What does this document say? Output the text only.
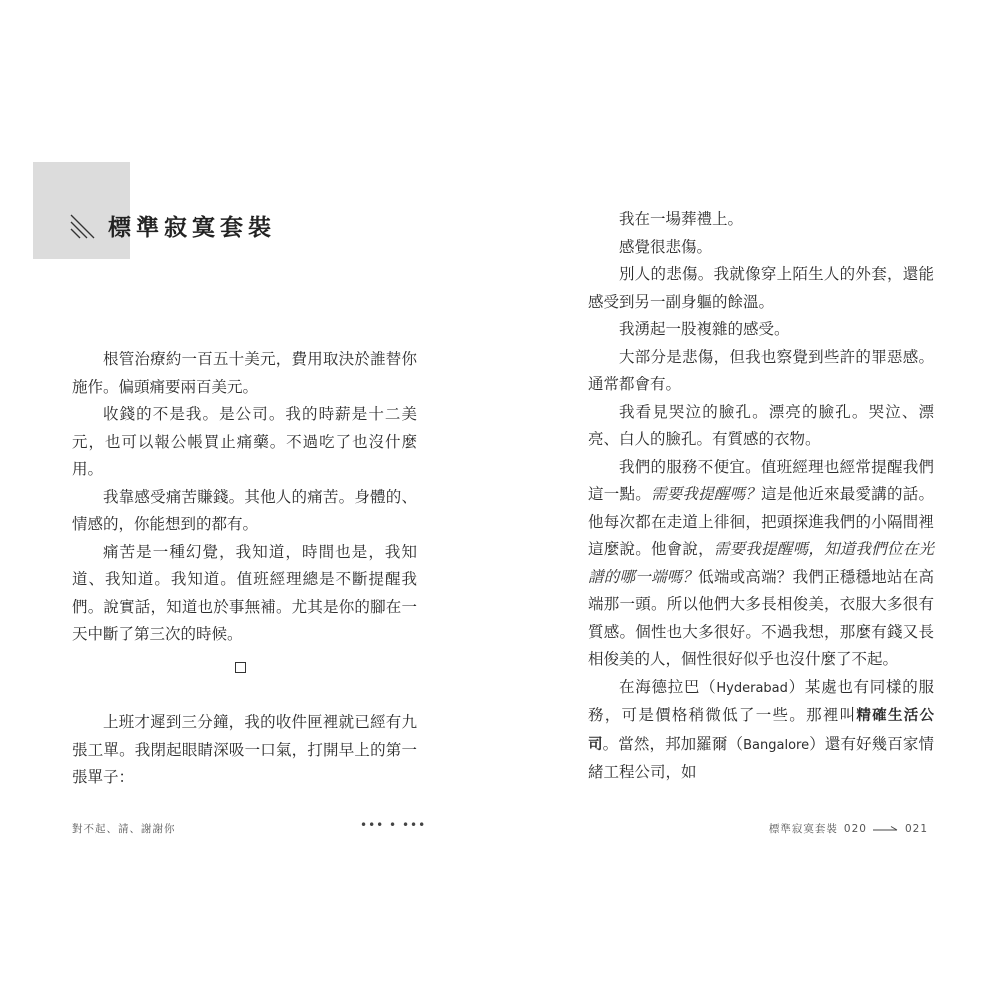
標準寂寞套裝

根管治療約一百五十美元，費用取決於誰替你施作。偏頭痛要兩百美元。

收錢的不是我。是公司。我的時薪是十二美元，也可以報公帳買止痛藥。不過吃了也沒什麼用。

我靠感受痛苦賺錢。其他人的痛苦。身體的、情感的，你能想到的都有。

痛苦是一種幻覺，我知道，時間也是，我知道、我知道。我知道。值班經理總是不斷提醒我們。說實話，知道也於事無補。尤其是你的腳在一天中斷了第三次的時候。

上班才遲到三分鐘，我的收件匣裡就已經有九張工單。我閉起眼睛深吸一口氣，打開早上的第一張單子：

對不起、請、謝謝你	••• • •••

我在一場葬禮上。

感覺很悲傷。

別人的悲傷。我就像穿上陌生人的外套，還能感受到另一副身軀的餘溫。

我湧起一股複雜的感受。

大部分是悲傷，但我也察覺到些許的罪惡感。通常都會有。

我看見哭泣的臉孔。漂亮的臉孔。哭泣、漂亮、白人的臉孔。有質感的衣物。

我們的服務不便宜。值班經理也經常提醒我們這一點。需要我提醒嗎？這是他近來最愛講的話。他每次都在走道上徘徊，把頭探進我們的小隔間裡這麼說。他會說，需要我提醒嗎，知道我們位在光譜的哪一端嗎？低端或高端？我們正穩穩地站在高端那一頭。所以他們大多長相俊美，衣服大多很有質感。個性也大多很好。不過我想，那麼有錢又長相俊美的人，個性很好似乎也沒什麼了不起。

在海德拉巴（Hyderabad）某處也有同樣的服務，可是價格稍微低了一些。那裡叫精確生活公司。當然，邦加羅爾（Bangalore）還有好幾百家情緒工程公司，如

標準寂寞套裝 020	021
